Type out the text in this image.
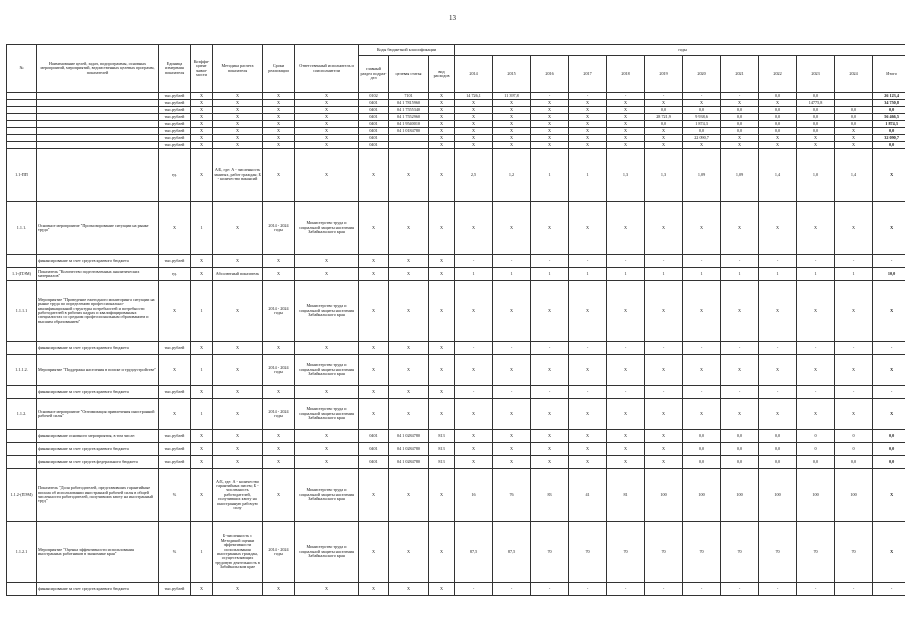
13
№	Наименование целей, задач, подпрограммы, основных мероприятий, мероприятий, ведомственных целевых программ, показателей	Единица измерения показателя	Коэффи-циент значи-мости	Методика расчета показателя	Сроки реализации	Ответственный исполнитель и соисполнители	Коды бюджетной классификации			годы											
							главный раздел подраз-дел	целевая статья	вид расходов	2014	2015	2016	2017	2018	2019	2020	2021	2022	2023	2024	Итого
		тыс.рублей	X	X	X	X	0102	7101	X	14 726,1	11 397,8	-	-	-	-	-	-	0,0	0,0		26 123,4
		тыс.рублей	X	X	X	X	0401	04 1 7815960	X	X	X	X	X	X	X	X	X	X	14775,8		34 750,8
		тыс.рублей	X	X	X	X	0401	04 1 7555340	X	X	X	X	X	X	0,0	0,0	0,0	0,0	0,0	0,0	0,0
		тыс.рублей	X	X	X	X	0401	04 1 7552960	X	X	X	X	X	X	28 721,9	9 938,6	0,0	0,0	0,0	0,0	56 466,5
		тыс.рублей	X	X	X	X	0401	04 1 9540010	X	X	X	X	X	X	0,0	1 874,3	0,0	0,0	0,0	0,0	1 874,3
		тыс.рублей	X	X	X	X	0401	04 1 0184780	X	X	X	X	X	X	X	0,0	0,0	0,0	0,0	X	0,0
		тыс.рублей	X	X	X	X	0401		X	X	X	X	X	X	X	22 090,7	X	X	X	X	32 090,7
		тыс.рублей	X	X	X	X	0401		X	X	X	X	X	X	X	X	X	X	X	X	0,0
1.1-ПП		ед.	X	А/Б, где: А - численность занятых, работ граждан; Б - количество вакансий	X	X	X	X	X	2,5	1,2	1	1	1,3	1,3	1,09	1,09	1,4	1,0	1,4	X
1.1.1.	Основное мероприятие "Прогнозирование ситуации на рынке труда"	X	1	X	2014 - 2024 годы	Министерство труда и социальной защиты населения Забайкальского края	X	X	X	X	X	X	X	X	X	X	X	X	X	X	X
	финансирование за счет средств краевого бюджета	тыс.рублей	X	X	X	X	X	X	X	-	-	-	-	-	-	-	-	-	-	-	-
1.1-(ПЭМ)	Показатель "Количество подготовленных аналитических материалов"	ед.	X	Абсолютный показатель	X	X	X	X	X	1	1	1	1	1	1	1	1	1	1	1	10,0
1.1.1.1	Мероприятие "Проведение ежегодного мониторинга ситуации на рынке труда по определению профессионально-квалификационной структуры потребностей и потребности работодателей в рабочих кадрах и квалифицированных специалистах со средним профессиональным образованием и высшим образованием"	X	1	X	2014 - 2024 годы	Министерство труда и социальной защиты населения Забайкальского края	X	X	X	X	X	X	X	X	X	X	X	X	X	X	X
	финансирование за счет средств краевого бюджета	тыс.рублей	X	X	X	X	X	X	X	-	-	-	-	-	-	-	-	-	-	-	-
1.1.1.2.	Мероприятие "Поддержка населения в поиске и трудоустройстве"	X	1	X	2014 - 2024 годы	Министерство труда и социальной защиты населения Забайкальского края	X	X	X	X	X	X	X	X	X	X	X	X	X	X	X
	финансирование за счет средств краевого бюджета	тыс.рублей	X	X	X	X	X	X	X	-	-	-	-	-	-	-	-	-	-	-	-
1.1.2.	Основное мероприятие "Оптимизация привлечения иностранной рабочей силы"	X	1	X	2014 - 2024 годы	Министерство труда и социальной защиты населения Забайкальского края	X	X	X	X	X	X	X	X	X	X	X	X	X	X	X
	финансирование основного мероприятия, в том числе:	тыс.рублей	X	X	X	X	0401	04 1 0284780	813	X	X	X	X	X	X	0,0	0,0	0,0	0	0	0,0
	финансирование за счет средств краевого бюджета	тыс.рублей	X	X	X	X	0401	04 1 0284780	813	X	X	X	X	X	X	0,0	0,0	0,0	0	0	0,0
	финансирование за счет средств федерального бюджета	тыс.рублей	X	X	X	X	0401	04 1 0284780	813	X	X	X	X	X	X	0,0	0,0	0,0	0,0	0,0	0,0
1.1.2-(ПЭМ)	Показатель "Доля работодателей, представивших гарантийные письма об использовании иностранной рабочей силы в общей численности работодателей, получивших квоту на иностранный труд"	%	X	А/Б, где: А - количество гарантийных писем; Б - численность работодателей, получивших квоту на иностранную рабочую силу	X	Министерство труда и социальной защиты населения Забайкальского края	X	X	X	16	76	83	41	81	100	100	100	100	100	100	X
1.1.2.1	Мероприятие "Оценка эффективности использования иностранных работников в экономике края"	%	1	Б-численность с Методикой оценки эффективности использования иностранных граждан, осуществляющих трудовую деятельность в Забайкальском крае	2014 - 2024 годы	Министерство труда и социальной защиты населения Забайкальского края	X	X	X	87,5	87,5	70	70	70	70	70	70	70	70	70	X
	финансирование за счет средств краевого бюджета	тыс.рублей	X	X	X	X	X	X	X	-	-	-	-	-	-	-	-	-	-	-	-
